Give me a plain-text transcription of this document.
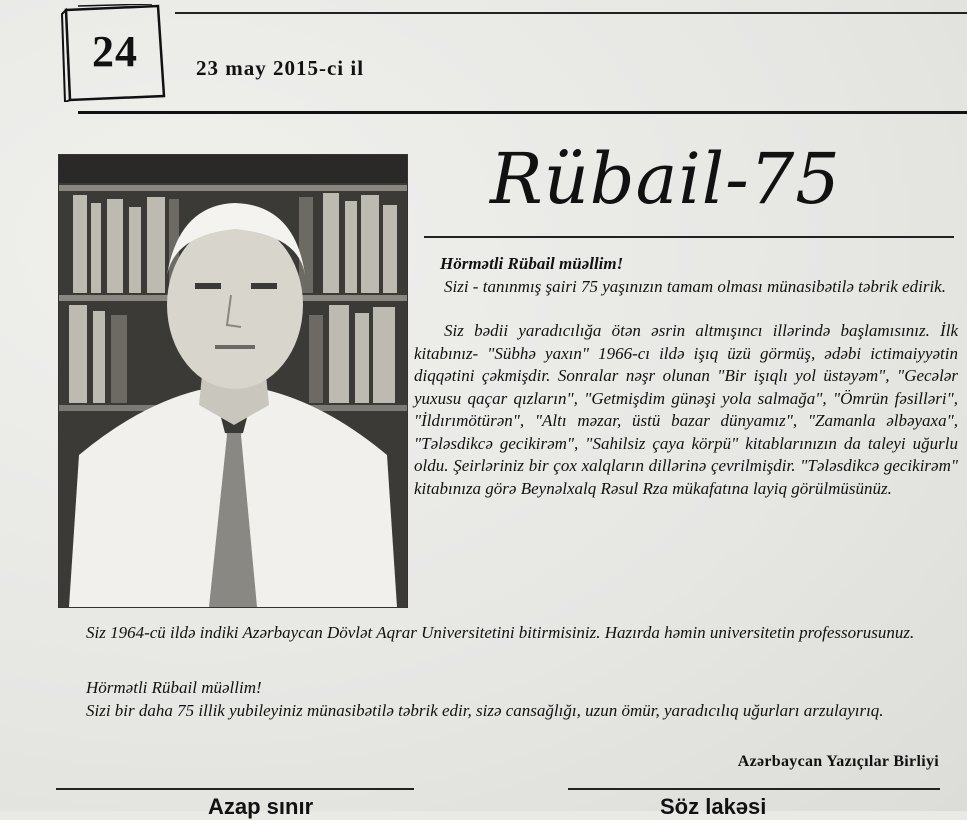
24	23 may 2015-ci il
Rübail-75
Hörmətli Rübail müəllim!

Sizi - tanınmış şairi 75 yaşınızın tamam olması münasibətilə təbrik edirik.

Siz bədii yaradıcılığa ötən əsrin altmışıncı illərində başlamısınız. İlk kitabınız- "Sübhə yaxın" 1966-cı ildə işıq üzü görmüş, ədəbi ictimaiyyətin diqqətini çəkmişdir. Sonralar nəşr olunan "Bir işıqlı yol üstəyəm", "Gecələr yuxusu qaçar qızların", "Getmişdim günəşi yola salmağa", "Ömrün fəsilləri", "İldırımötürən", "Altı məzar, üstü bazar dünyamız", "Zamanla əlbəyaxa", "Tələsdikcə gecikirəm", "Sahilsiz çaya körpü" kitablarınızın da taleyi uğurlu oldu. Şeirləriniz bir çox xalqların dillərinə çevrilmişdir. "Tələsdikcə gecikirəm" kitabınıza görə Beynəlxalq Rəsul Rza mükafatına layiq görülmüsünüz.

Siz 1964-cü ildə indiki Azərbaycan Dövlət Aqrar Universitetini bitirmisiniz. Hazırda həmin universitetin professorusunuz.

Hörmətli Rübail müəllim!

Sizi bir daha 75 illik yubileyiniz münasibətilə təbrik edir, sizə cansağlığı, uzun ömür, yaradıcılıq uğurları arzulayırıq.

Azərbaycan Yazıçılar Birliyi
Azap sınır	Söz lakəsi
